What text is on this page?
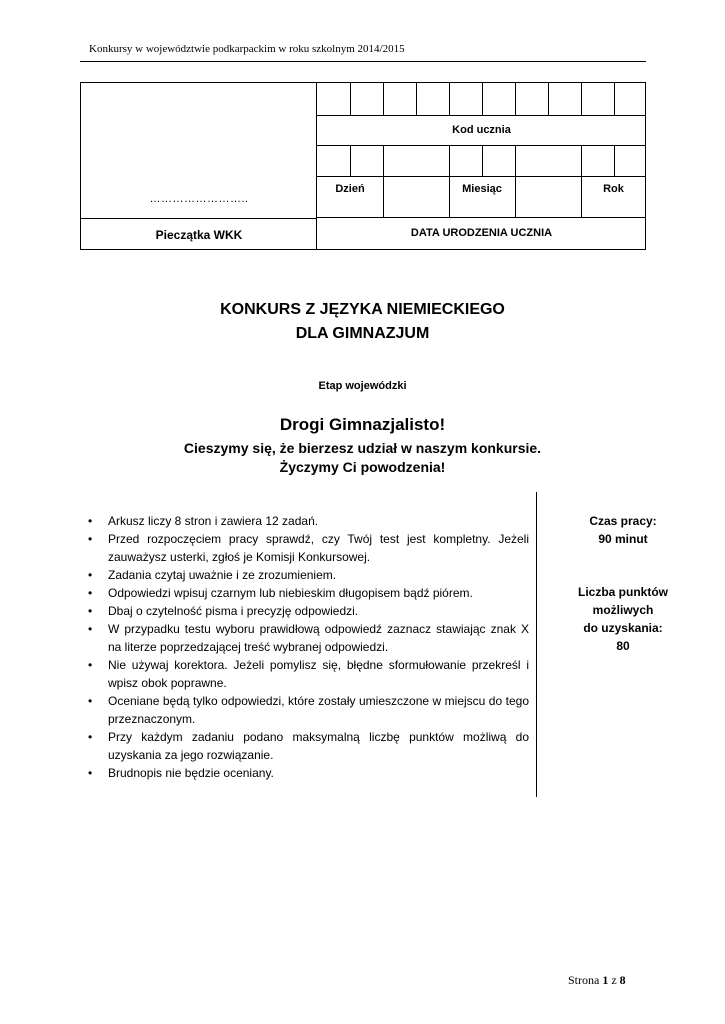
Konkursy w województwie podkarpackim w roku szkolnym 2014/2015
……………………..
Pieczątka WKK
Kod ucznia
Dzień	Miesiąc	Rok
DATA URODZENIA UCZNIA
KONKURS Z JĘZYKA NIEMIECKIEGO
DLA GIMNAZJUM
Etap wojewódzki
Drogi Gimnazjalisto!
Cieszymy się, że bierzesz udział w naszym konkursie.
Życzymy Ci powodzenia!
• Arkusz liczy 8 stron i zawiera 12 zadań.
• Przed rozpoczęciem pracy sprawdź, czy Twój test jest kompletny. Jeżeli zauważysz usterki, zgłoś je Komisji Konkursowej.
• Zadania czytaj uważnie i ze zrozumieniem.
• Odpowiedzi wpisuj czarnym lub niebieskim długopisem bądź piórem.
• Dbaj o czytelność pisma i precyzję odpowiedzi.
• W przypadku testu wyboru prawidłową odpowiedź zaznacz stawiając znak X na literze poprzedzającej treść wybranej odpowiedzi.
• Nie używaj korektora. Jeżeli pomylisz się, błędne sformułowanie przekreśl i wpisz obok poprawne.
• Oceniane będą tylko odpowiedzi, które zostały umieszczone w miejscu do tego przeznaczonym.
• Przy każdym zadaniu podano maksymalną liczbę punktów możliwą do uzyskania za jego rozwiązanie.
• Brudnopis nie będzie oceniany.
Czas pracy:
90 minut
Liczba punktów
możliwych
do uzyskania:
80
Strona 1 z 8
